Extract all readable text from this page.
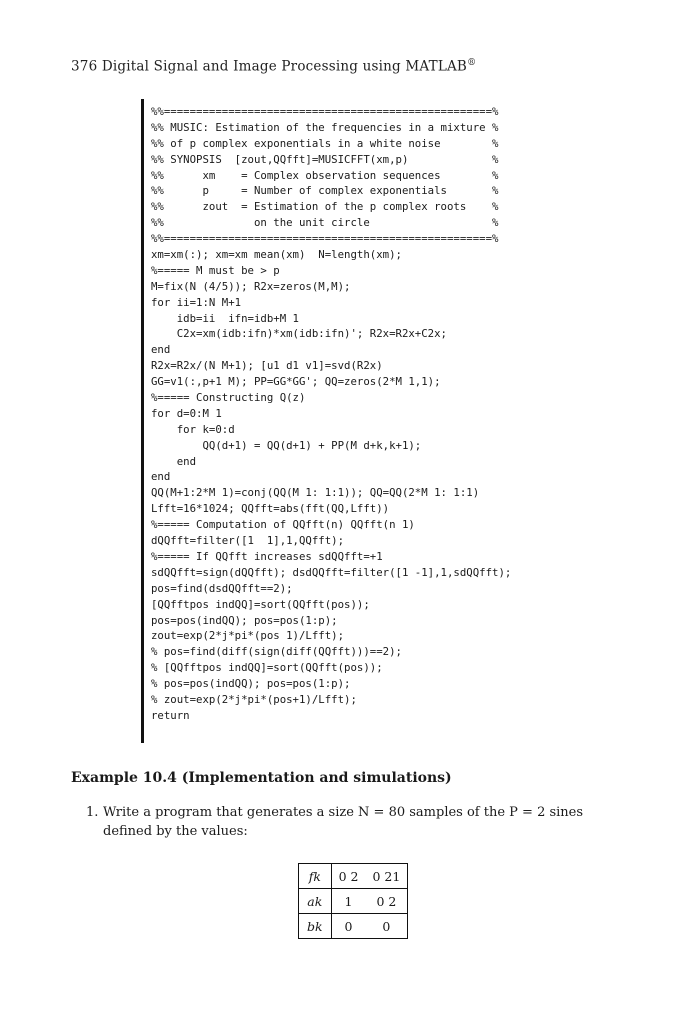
376 Digital Signal and Image Processing using MATLAB®
%%===================================================%
%% MUSIC: Estimation of the frequencies in a mixture %
%% of p complex exponentials in a white noise        %
%% SYNOPSIS  [zout,QQfft]=MUSICFFT(xm,p)             %
%%      xm    = Complex observation sequences        %
%%      p     = Number of complex exponentials       %
%%      zout  = Estimation of the p complex roots    %
%%              on the unit circle                   %
%%===================================================%
xm=xm(:); xm=xm mean(xm)  N=length(xm);
%===== M must be > p
M=fix(N (4/5)); R2x=zeros(M,M);
for ii=1:N M+1
idb=ii  ifn=idb+M 1
C2x=xm(idb:ifn)*xm(idb:ifn)'; R2x=R2x+C2x;
end
R2x=R2x/(N M+1); [u1 d1 v1]=svd(R2x)
GG=v1(:,p+1 M); PP=GG*GG'; QQ=zeros(2*M 1,1);
%===== Constructing Q(z)
for d=0:M 1
for k=0:d
QQ(d+1) = QQ(d+1) + PP(M d+k,k+1);
end
end
QQ(M+1:2*M 1)=conj(QQ(M 1: 1:1)); QQ=QQ(2*M 1: 1:1)
Lfft=16*1024; QQfft=abs(fft(QQ,Lfft))
%===== Computation of QQfft(n) QQfft(n 1)
dQQfft=filter([1  1],1,QQfft);
%===== If QQfft increases sdQQfft=+1
sdQQfft=sign(dQQfft); dsdQQfft=filter([1 -1],1,sdQQfft);
pos=find(dsdQQfft==2);
[QQfftpos indQQ]=sort(QQfft(pos));
pos=pos(indQQ); pos=pos(1:p);
zout=exp(2*j*pi*(pos 1)/Lfft);
% pos=find(diff(sign(diff(QQfft)))==2);
% [QQfftpos indQQ]=sort(QQfft(pos));
% pos=pos(indQQ); pos=pos(1:p);
% zout=exp(2*j*pi*(pos+1)/Lfft);
return
Example 10.4 (Implementation and simulations)
1. Write a program that generates a size N = 80 samples of the P = 2 sines defined by the values:
fk	0 2	0 21
ak	1	0 2
bk	0	0
